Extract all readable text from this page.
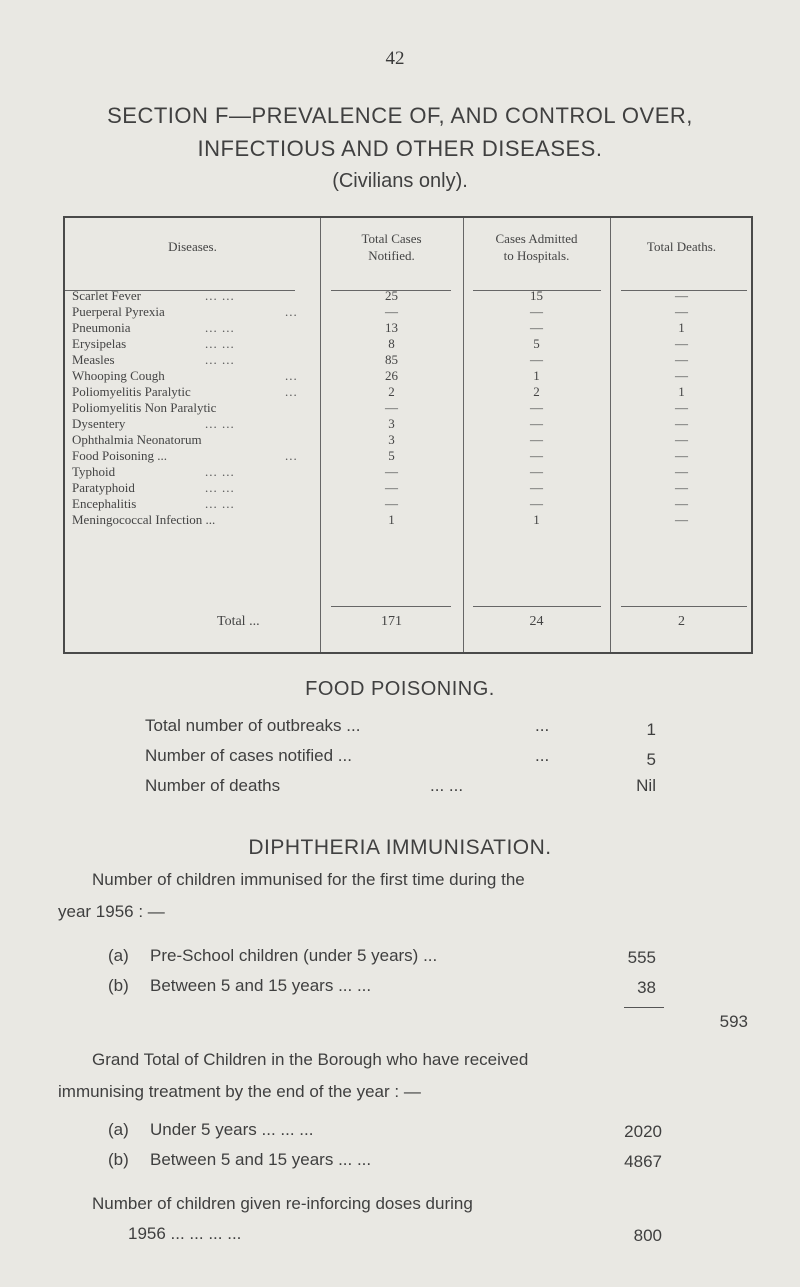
42
SECTION F—PREVALENCE OF, AND CONTROL OVER,
INFECTIOUS AND OTHER DISEASES.
(Civilians only).
Diseases.
Total Cases
Notified.
Cases Admitted
to Hospitals.
Total Deaths.
Scarlet Fever	... ...	25	15	—
Puerperal Pyrexia	...	—	—	—
Pneumonia	... ...	13	—	1
Erysipelas	... ...	8	5	—
Measles	... ...	85	—	—
Whooping Cough	...	26	1	—
Poliomyelitis Paralytic	...	2	2	1
Poliomyelitis Non Paralytic	—	—	—
Dysentery	... ...	3	—	—
Ophthalmia Neonatorum	3	—	—
Food Poisoning ...	...	5	—	—
Typhoid	... ...	—	—	—
Paratyphoid	... ...	—	—	—
Encephalitis	... ...	—	—	—
Meningococcal Infection ...	1	1	—
Total ...	171	24	2
FOOD POISONING.
Total number of outbreaks ...	...	1
Number of cases notified ...	...	5
Number of deaths	... ...	Nil
DIPHTHERIA IMMUNISATION.
Number of children immunised for the first time during the
year 1956 : —
(a) Pre-School children (under 5 years) ...	555
(b) Between 5 and 15 years ... ...	38
593
Grand Total of Children in the Borough who have received
immunising treatment by the end of the year : —
(a) Under 5 years ... ... ...	2020
(b) Between 5 and 15 years ... ...	4867
Number of children given re-inforcing doses during
1956 ... ... ... ...	800
